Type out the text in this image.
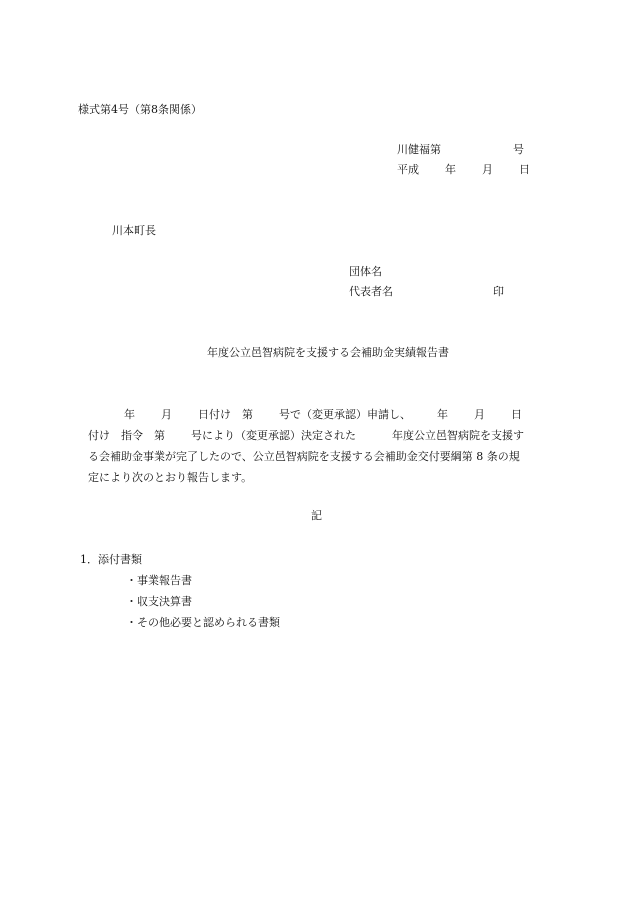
様式第4号（第8条関係）
川健福第	号
平成 年 月 日
川本町長
団体名
代表者名	印
年度公立邑智病院を支援する会補助金実績報告書
年 月 日付け　第 号で（変更承認）申請し、 年 月 日
付け　指令　第 号により（変更承認）決定された	年度公立邑智病院を支援す
る会補助金事業が完了したので、公立邑智病院を支援する会補助金交付要綱第 8 条の規
定により次のとおり報告します。
記
1．添付書類
・事業報告書
・収支決算書
・その他必要と認められる書類
